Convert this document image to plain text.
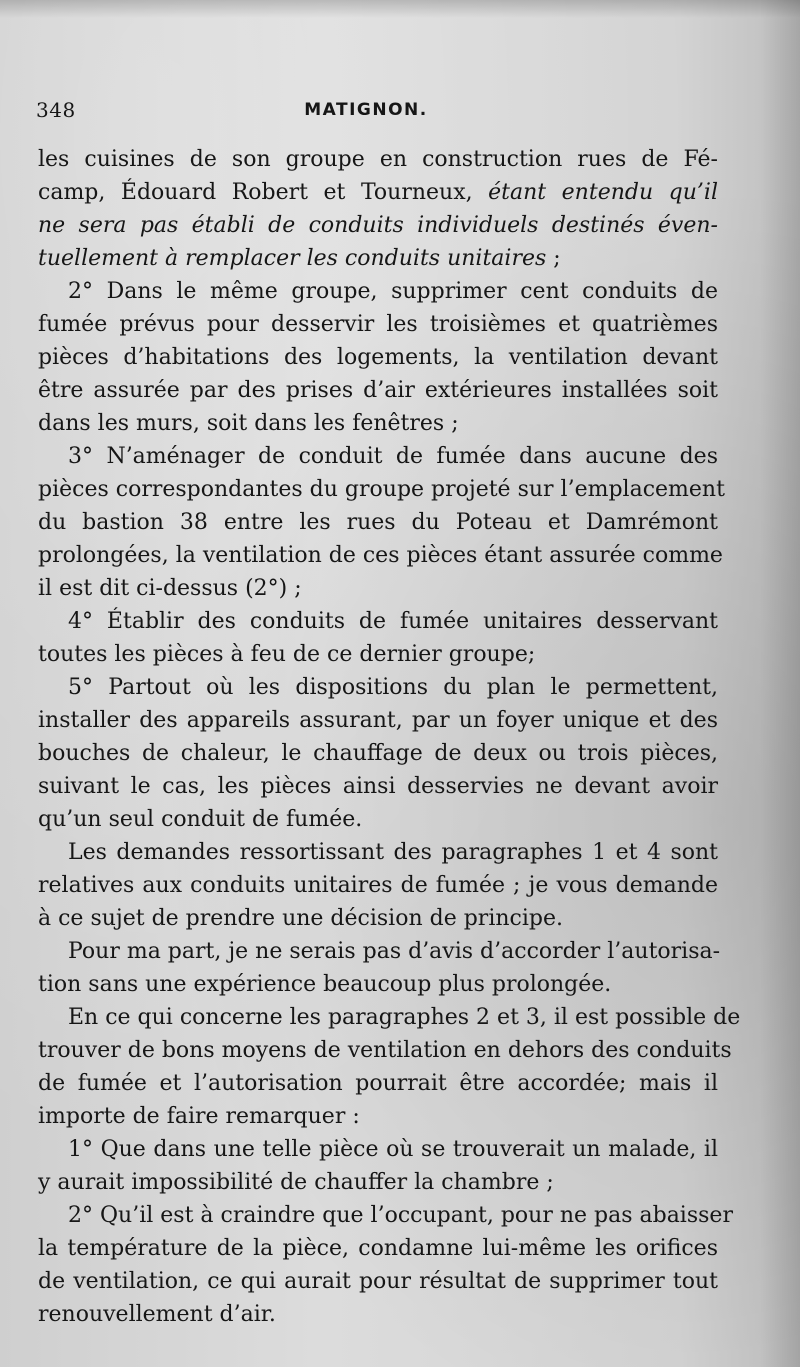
348	MATIGNON.
les cuisines de son groupe en construction rues de Fé-
camp, Édouard Robert et Tourneux, étant entendu qu’il
ne sera pas établi de conduits individuels destinés éven-
tuellement à remplacer les conduits unitaires ;
2° Dans le même groupe, supprimer cent conduits de
fumée prévus pour desservir les troisièmes et quatrièmes
pièces d’habitations des logements, la ventilation devant
être assurée par des prises d’air extérieures installées soit
dans les murs, soit dans les fenêtres ;
3° N’aménager de conduit de fumée dans aucune des
pièces correspondantes du groupe projeté sur l’emplacement
du bastion 38 entre les rues du Poteau et Damrémont
prolongées, la ventilation de ces pièces étant assurée comme
il est dit ci-dessus (2°) ;
4° Établir des conduits de fumée unitaires desservant
toutes les pièces à feu de ce dernier groupe;
5° Partout où les dispositions du plan le permettent,
installer des appareils assurant, par un foyer unique et des
bouches de chaleur, le chauffage de deux ou trois pièces,
suivant le cas, les pièces ainsi desservies ne devant avoir
qu’un seul conduit de fumée.
Les demandes ressortissant des paragraphes 1 et 4 sont
relatives aux conduits unitaires de fumée ; je vous demande
à ce sujet de prendre une décision de principe.
Pour ma part, je ne serais pas d’avis d’accorder l’autorisa-
tion sans une expérience beaucoup plus prolongée.
En ce qui concerne les paragraphes 2 et 3, il est possible de
trouver de bons moyens de ventilation en dehors des conduits
de fumée et l’autorisation pourrait être accordée; mais il
importe de faire remarquer :
1° Que dans une telle pièce où se trouverait un malade, il
y aurait impossibilité de chauffer la chambre ;
2° Qu’il est à craindre que l’occupant, pour ne pas abaisser
la température de la pièce, condamne lui-même les orifices
de ventilation, ce qui aurait pour résultat de supprimer tout
renouvellement d’air.
